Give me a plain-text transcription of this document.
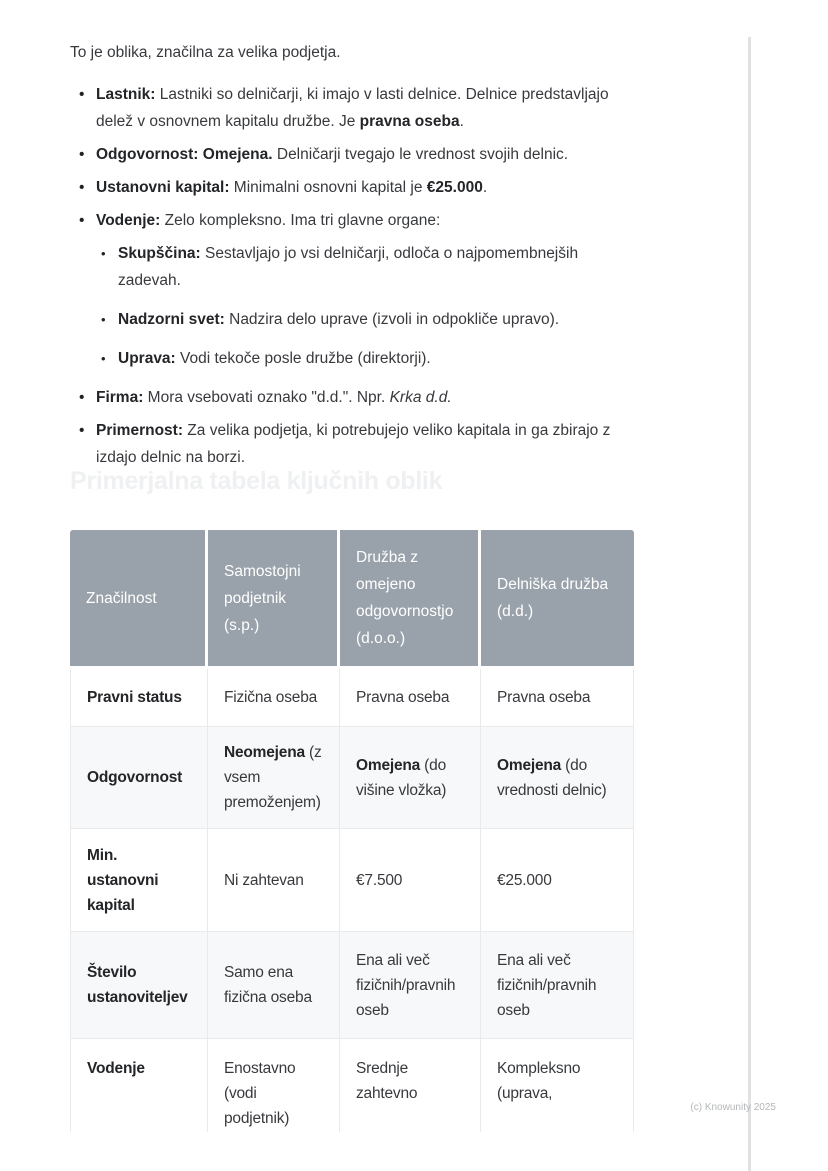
To je oblika, značilna za velika podjetja.

• Lastnik: Lastniki so delničarji, ki imajo v lasti delnice. Delnice predstavljajo delež v osnovnem kapitalu družbe. Je pravna oseba.
• Odgovornost: Omejena. Delničarji tvegajo le vrednost svojih delnic.
• Ustanovni kapital: Minimalni osnovni kapital je €25.000.
• Vodenje: Zelo kompleksno. Ima tri glavne organe:
• Skupščina: Sestavljajo jo vsi delničarji, odloča o najpomembnejših zadevah.
• Nadzorni svet: Nadzira delo uprave (izvoli in odpokliče upravo).
• Uprava: Vodi tekoče posle družbe (direktorji).
• Firma: Mora vsebovati oznako "d.d.". Npr. Krka d.d.
• Primernost: Za velika podjetja, ki potrebujejo veliko kapitala in ga zbirajo z izdajo delnic na borzi.
Primerjalna tabela ključnih oblik
Značilnost	Samostojni podjetnik (s.p.)	Družba z omejeno odgovornostjo (d.o.o.)	Delniška družba (d.d.)
Pravni status	Fizična oseba	Pravna oseba	Pravna oseba
Odgovornost	Neomejena (z vsem premoženjem)	Omejena (do višine vložka)	Omejena (do vrednosti delnic)
Min. ustanovni kapital	Ni zahtevan	€7.500	€25.000
Število ustanoviteljev	Samo ena fizična oseba	Ena ali več fizičnih/pravnih oseb	Ena ali več fizičnih/pravnih oseb
Vodenje	Enostavno (vodi podjetnik)	Srednje zahtevno	Kompleksno (uprava,
(c) Knowunity 2025
